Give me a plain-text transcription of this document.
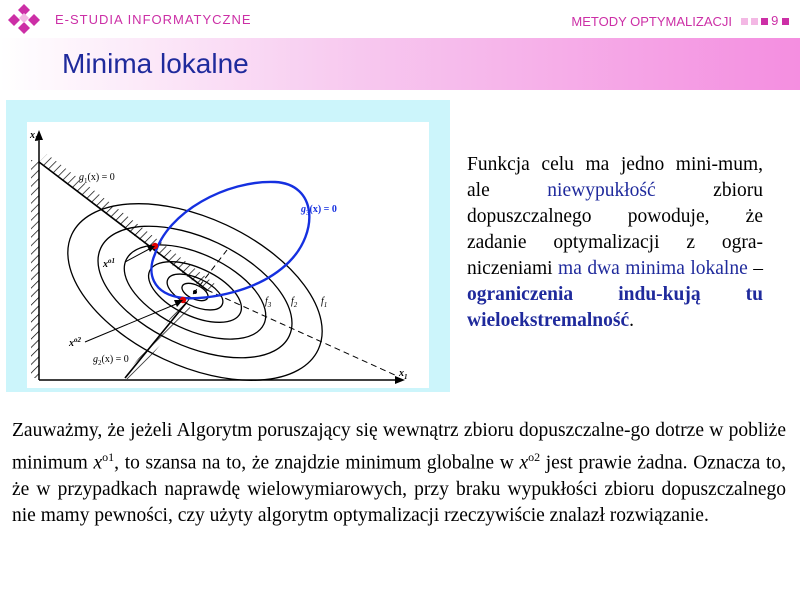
E-STUDIA INFORMATYCZNE	METODY OPTYMALIZACJI	9
Minima lokalne
$x_2$
$x_1$
$g_1(x) = 0$
$g_2(x) = 0$
$g_3(x) = 0$
$x^{o1}$
$x^{o2}$
$f_3$ $f_2$ $f_1$
Funkcja celu ma jedno mini-mum, ale niewypukłość zbioru dopuszczalnego powoduje, że zadanie optymalizacji z ogra-niczeniami ma dwa minima lokalne – ograniczenia indu-kują tu wieloekstremalność.
Zauważmy, że jeżeli Algorytm poruszający się wewnątrz zbioru dopuszczalne-go dotrze w pobliże minimum $x^{o1}$, to szansa na to, że znajdzie minimum globalne w $x^{o2}$ jest prawie żadna. Oznacza to, że w przypadkach naprawdę wielowymiarowych, przy braku wypukłości zbioru dopuszczalnego nie mamy pewności, czy użyty algorytm optymalizacji rzeczywiście znalazł rozwiązanie.
